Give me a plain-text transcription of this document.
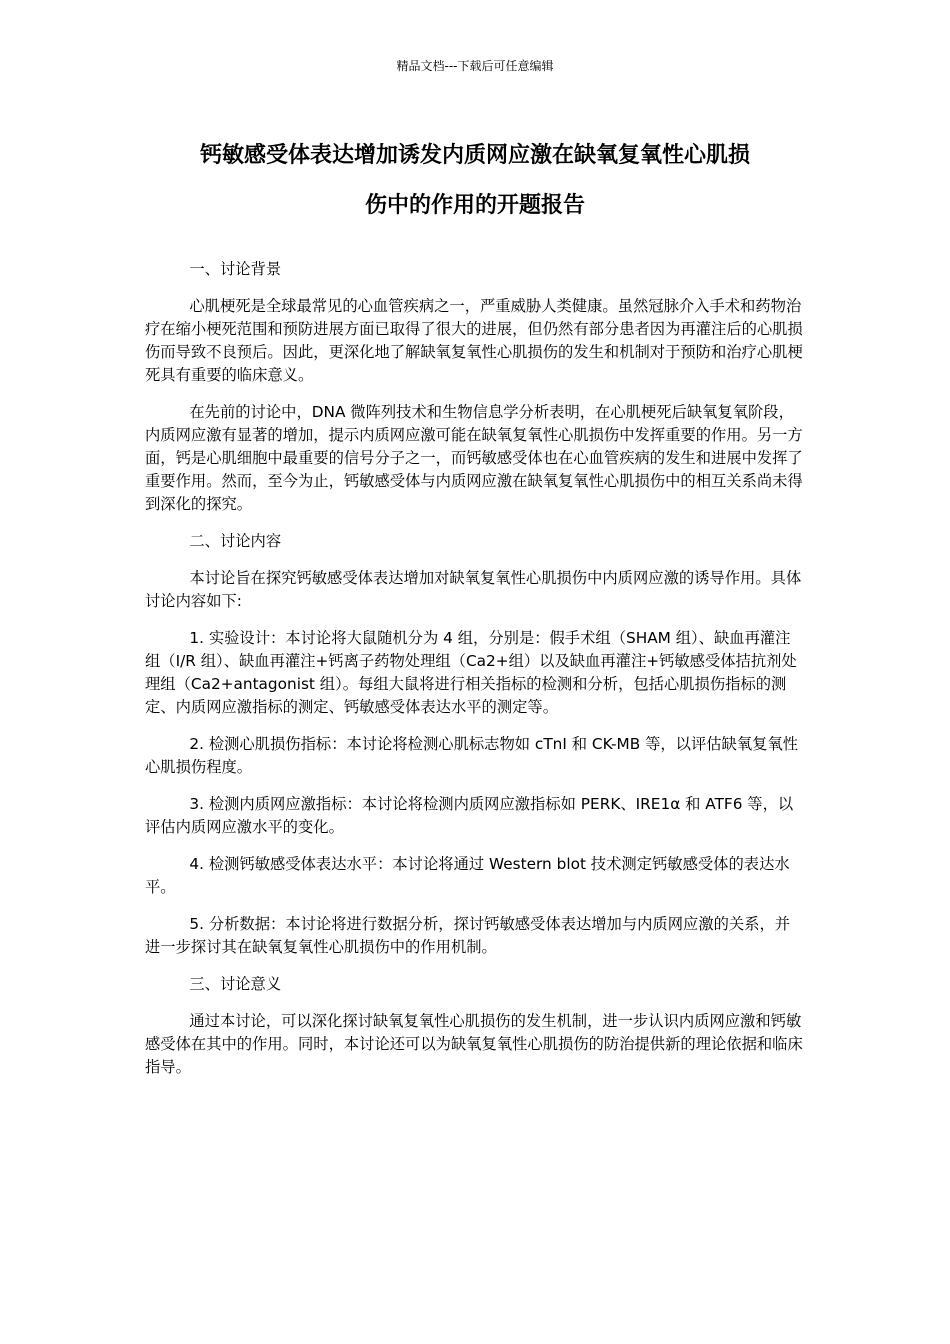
精品文档---下载后可任意编辑
钙敏感受体表达增加诱发内质网应激在缺氧复氧性心肌损
伤中的作用的开题报告
一、讨论背景

心肌梗死是全球最常见的心血管疾病之一，严重威胁人类健康。虽然冠脉介入手术和药物治疗在缩小梗死范围和预防进展方面已取得了很大的进展，但仍然有部分患者因为再灌注后的心肌损伤而导致不良预后。因此，更深化地了解缺氧复氧性心肌损伤的发生和机制对于预防和治疗心肌梗死具有重要的临床意义。

在先前的讨论中，DNA 微阵列技术和生物信息学分析表明，在心肌梗死后缺氧复氧阶段，内质网应激有显著的增加，提示内质网应激可能在缺氧复氧性心肌损伤中发挥重要的作用。另一方面，钙是心肌细胞中最重要的信号分子之一，而钙敏感受体也在心血管疾病的发生和进展中发挥了重要作用。然而，至今为止，钙敏感受体与内质网应激在缺氧复氧性心肌损伤中的相互关系尚未得到深化的探究。

二、讨论内容

本讨论旨在探究钙敏感受体表达增加对缺氧复氧性心肌损伤中内质网应激的诱导作用。具体讨论内容如下:

1. 实验设计：本讨论将大鼠随机分为 4 组，分别是：假手术组（SHAM 组）、缺血再灌注组（I/R 组）、缺血再灌注+钙离子药物处理组（Ca2+组）以及缺血再灌注+钙敏感受体拮抗剂处理组（Ca2+antagonist 组）。每组大鼠将进行相关指标的检测和分析，包括心肌损伤指标的测定、内质网应激指标的测定、钙敏感受体表达水平的测定等。

2. 检测心肌损伤指标：本讨论将检测心肌标志物如 cTnI 和 CK-MB 等，以评估缺氧复氧性心肌损伤程度。

3. 检测内质网应激指标：本讨论将检测内质网应激指标如 PERK、IRE1α 和 ATF6 等，以评估内质网应激水平的变化。

4. 检测钙敏感受体表达水平：本讨论将通过 Western blot 技术测定钙敏感受体的表达水平。

5. 分析数据：本讨论将进行数据分析，探讨钙敏感受体表达增加与内质网应激的关系，并进一步探讨其在缺氧复氧性心肌损伤中的作用机制。

三、讨论意义

通过本讨论，可以深化探讨缺氧复氧性心肌损伤的发生机制，进一步认识内质网应激和钙敏感受体在其中的作用。同时，本讨论还可以为缺氧复氧性心肌损伤的防治提供新的理论依据和临床指导。
